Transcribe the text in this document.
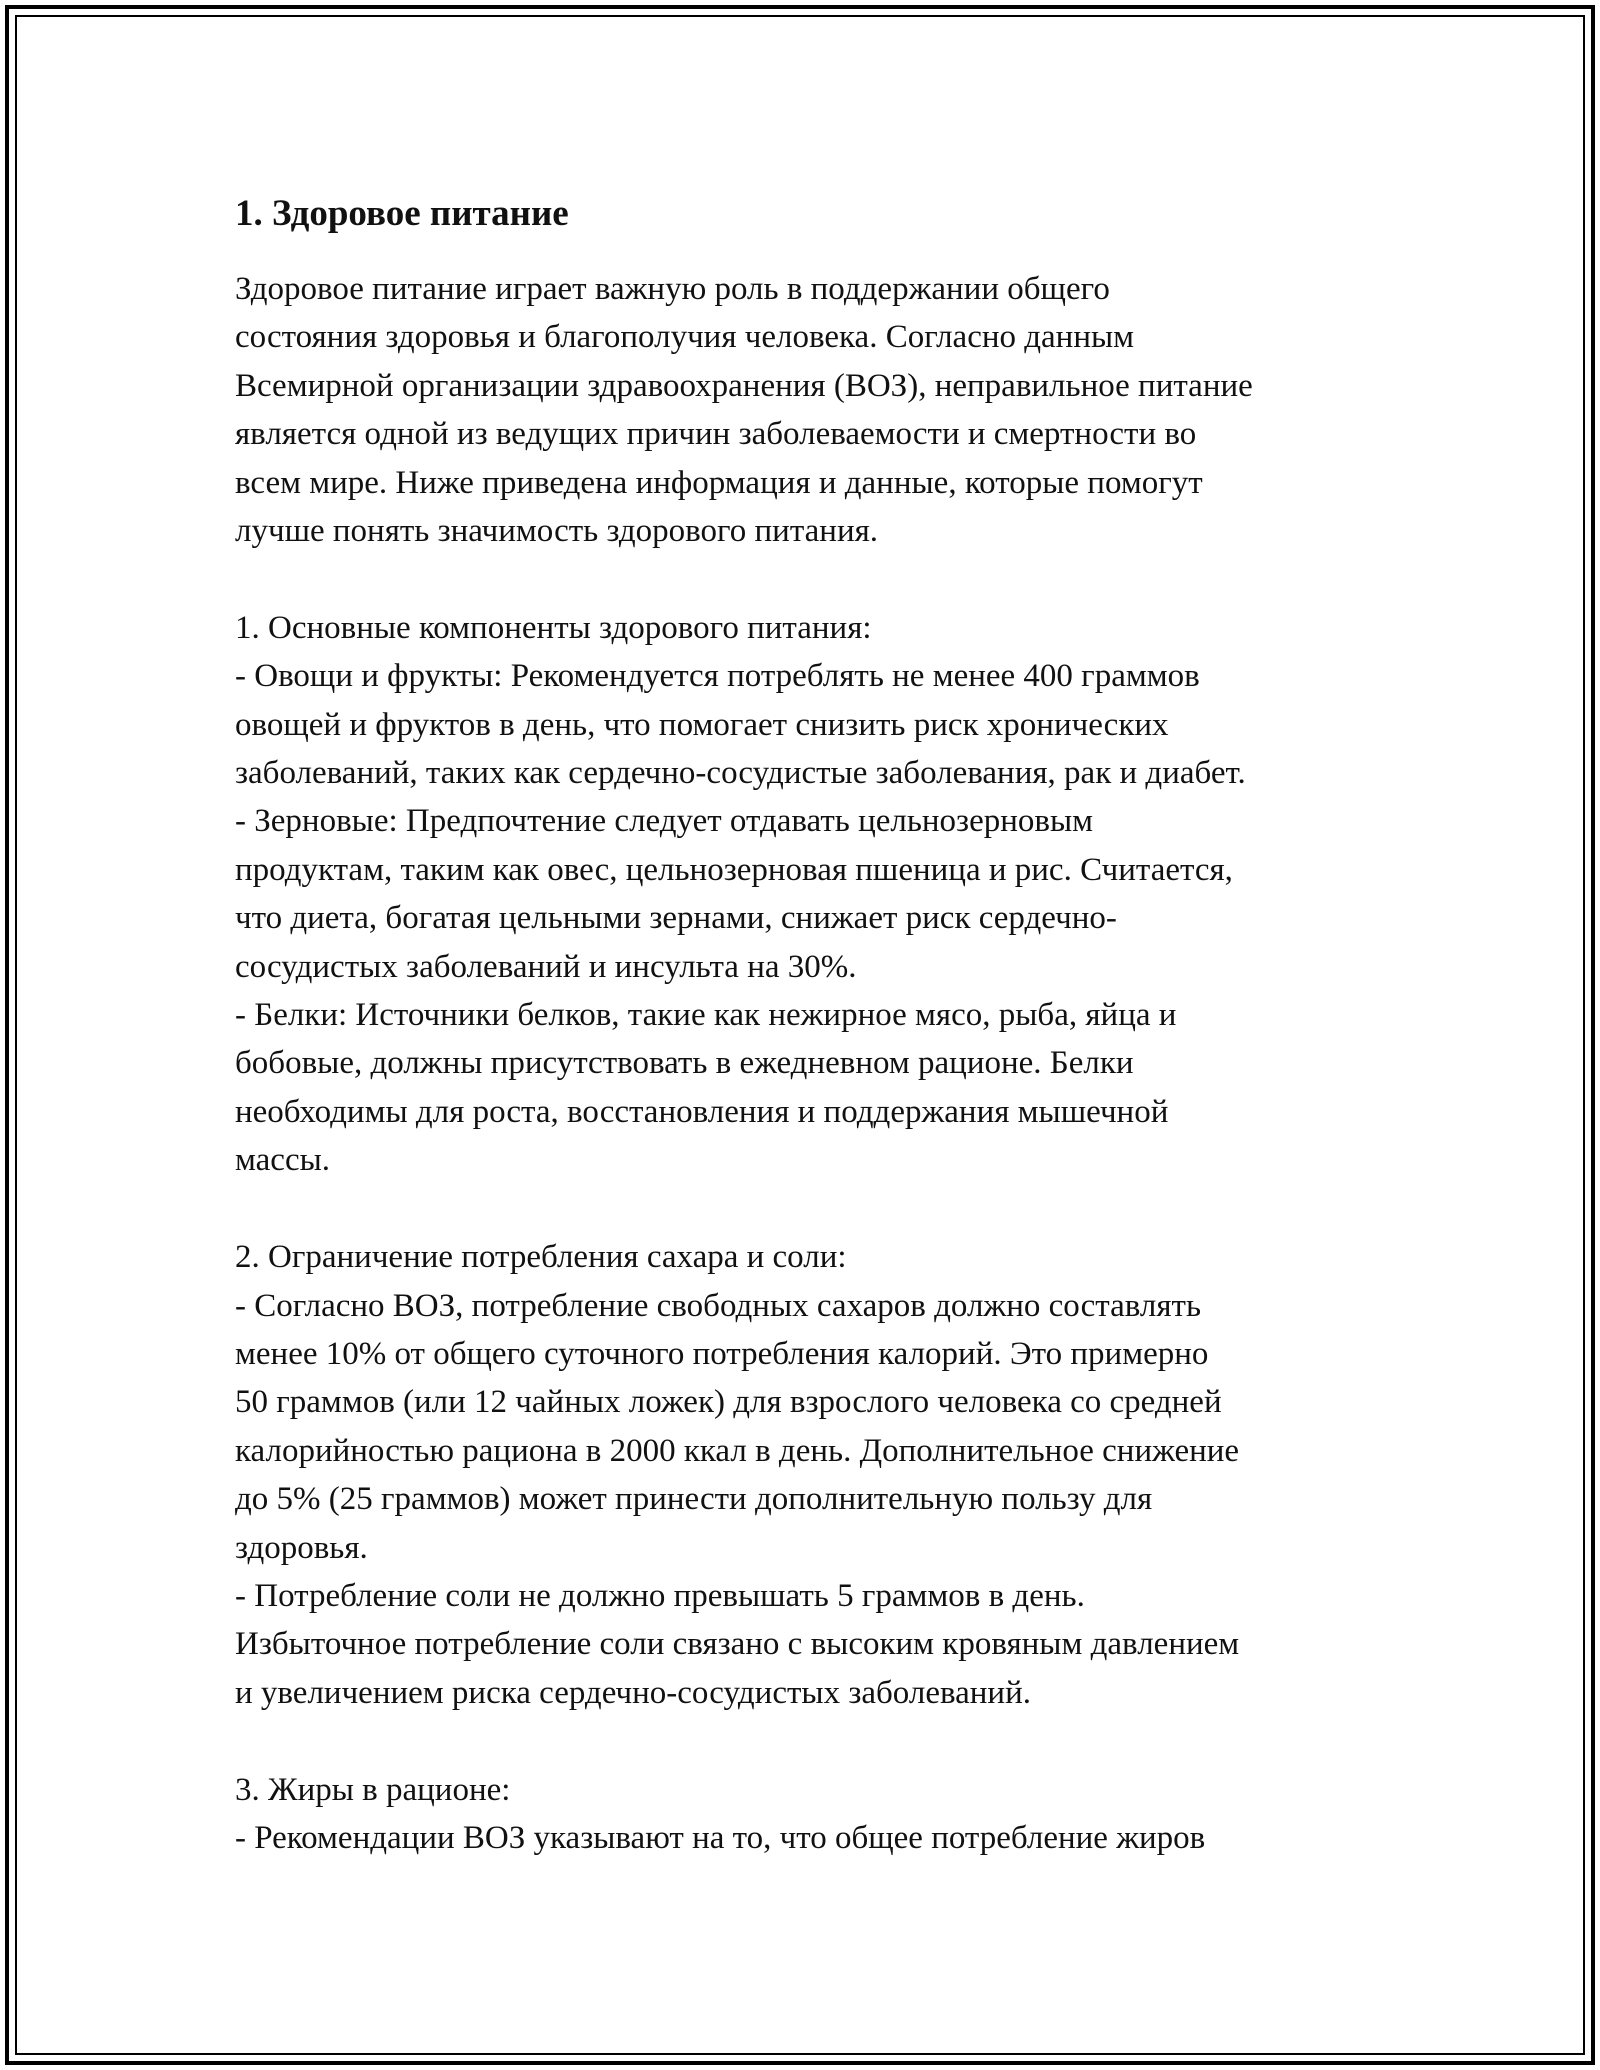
1. Здоровое питание

Здоровое питание играет важную роль в поддержании общего
состояния здоровья и благополучия человека. Согласно данным
Всемирной организации здравоохранения (ВОЗ), неправильное питание
является одной из ведущих причин заболеваемости и смертности во
всем мире. Ниже приведена информация и данные, которые помогут
лучше понять значимость здорового питания.

1. Основные компоненты здорового питания:
- Овощи и фрукты: Рекомендуется потреблять не менее 400 граммов
овощей и фруктов в день, что помогает снизить риск хронических
заболеваний, таких как сердечно-сосудистые заболевания, рак и диабет.
- Зерновые: Предпочтение следует отдавать цельнозерновым
продуктам, таким как овес, цельнозерновая пшеница и рис. Считается,
что диета, богатая цельными зернами, снижает риск сердечно-
сосудистых заболеваний и инсульта на 30%.
- Белки: Источники белков, такие как нежирное мясо, рыба, яйца и
бобовые, должны присутствовать в ежедневном рационе. Белки
необходимы для роста, восстановления и поддержания мышечной
массы.

2. Ограничение потребления сахара и соли:
- Согласно ВОЗ, потребление свободных сахаров должно составлять
менее 10% от общего суточного потребления калорий. Это примерно
50 граммов (или 12 чайных ложек) для взрослого человека со средней
калорийностью рациона в 2000 ккал в день. Дополнительное снижение
до 5% (25 граммов) может принести дополнительную пользу для
здоровья.
- Потребление соли не должно превышать 5 граммов в день.
Избыточное потребление соли связано с высоким кровяным давлением
и увеличением риска сердечно-сосудистых заболеваний.

3. Жиры в рационе:
- Рекомендации ВОЗ указывают на то, что общее потребление жиров
